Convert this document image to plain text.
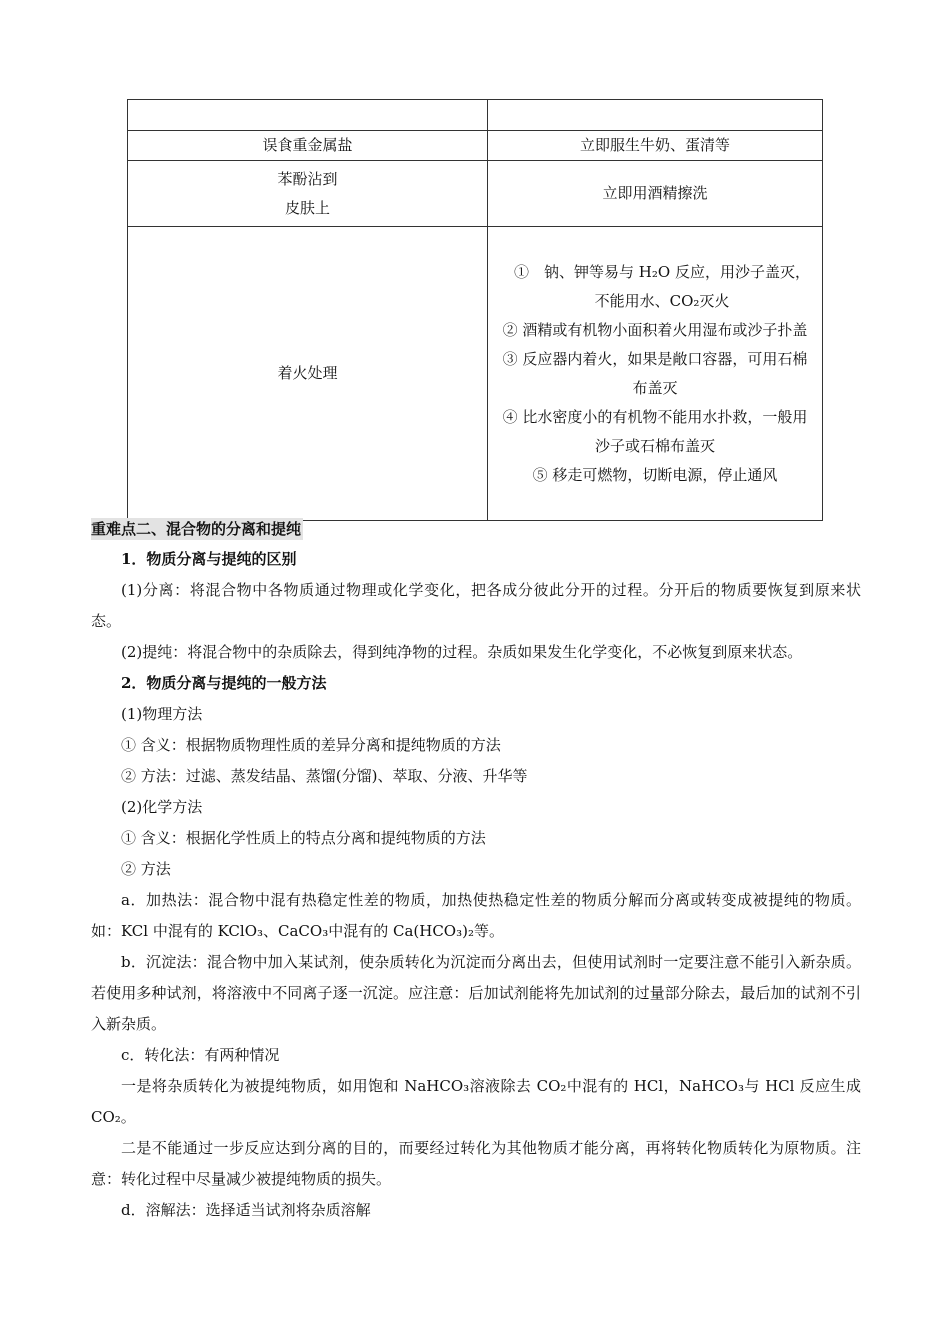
误食重金属盐	立即服生牛奶、蛋清等

苯酚沾到
皮肤上	立即用酒精擦洗
着火处理	①　钠、钾等易与 H₂O 反应，用沙子盖灭，不能用水、CO₂灭火
② 酒精或有机物小面积着火用湿布或沙子扑盖
③ 反应器内着火，如果是敞口容器，可用石棉布盖灭
④ 比水密度小的有机物不能用水扑救，一般用沙子或石棉布盖灭
⑤ 移走可燃物，切断电源，停止通风
重难点二、混合物的分离和提纯

1．物质分离与提纯的区别

(1)分离：将混合物中各物质通过物理或化学变化，把各成分彼此分开的过程。分开后的物质要恢复到原来状态。

(2)提纯：将混合物中的杂质除去，得到纯净物的过程。杂质如果发生化学变化，不必恢复到原来状态。

2．物质分离与提纯的一般方法

(1)物理方法

① 含义：根据物质物理性质的差异分离和提纯物质的方法

② 方法：过滤、蒸发结晶、蒸馏(分馏)、萃取、分液、升华等

(2)化学方法

① 含义：根据化学性质上的特点分离和提纯物质的方法

② 方法

a．加热法：混合物中混有热稳定性差的物质，加热使热稳定性差的物质分解而分离或转变成被提纯的物质。如：KCl 中混有的 KClO₃、CaCO₃中混有的 Ca(HCO₃)₂等。

b．沉淀法：混合物中加入某试剂，使杂质转化为沉淀而分离出去，但使用试剂时一定要注意不能引入新杂质。若使用多种试剂，将溶液中不同离子逐一沉淀。应注意：后加试剂能将先加试剂的过量部分除去，最后加的试剂不引入新杂质。

c．转化法：有两种情况

一是将杂质转化为被提纯物质，如用饱和 NaHCO₃溶液除去 CO₂中混有的 HCl，NaHCO₃与 HCl 反应生成 CO₂。

二是不能通过一步反应达到分离的目的，而要经过转化为其他物质才能分离，再将转化物质转化为原物质。注意：转化过程中尽量减少被提纯物质的损失。

d．溶解法：选择适当试剂将杂质溶解
